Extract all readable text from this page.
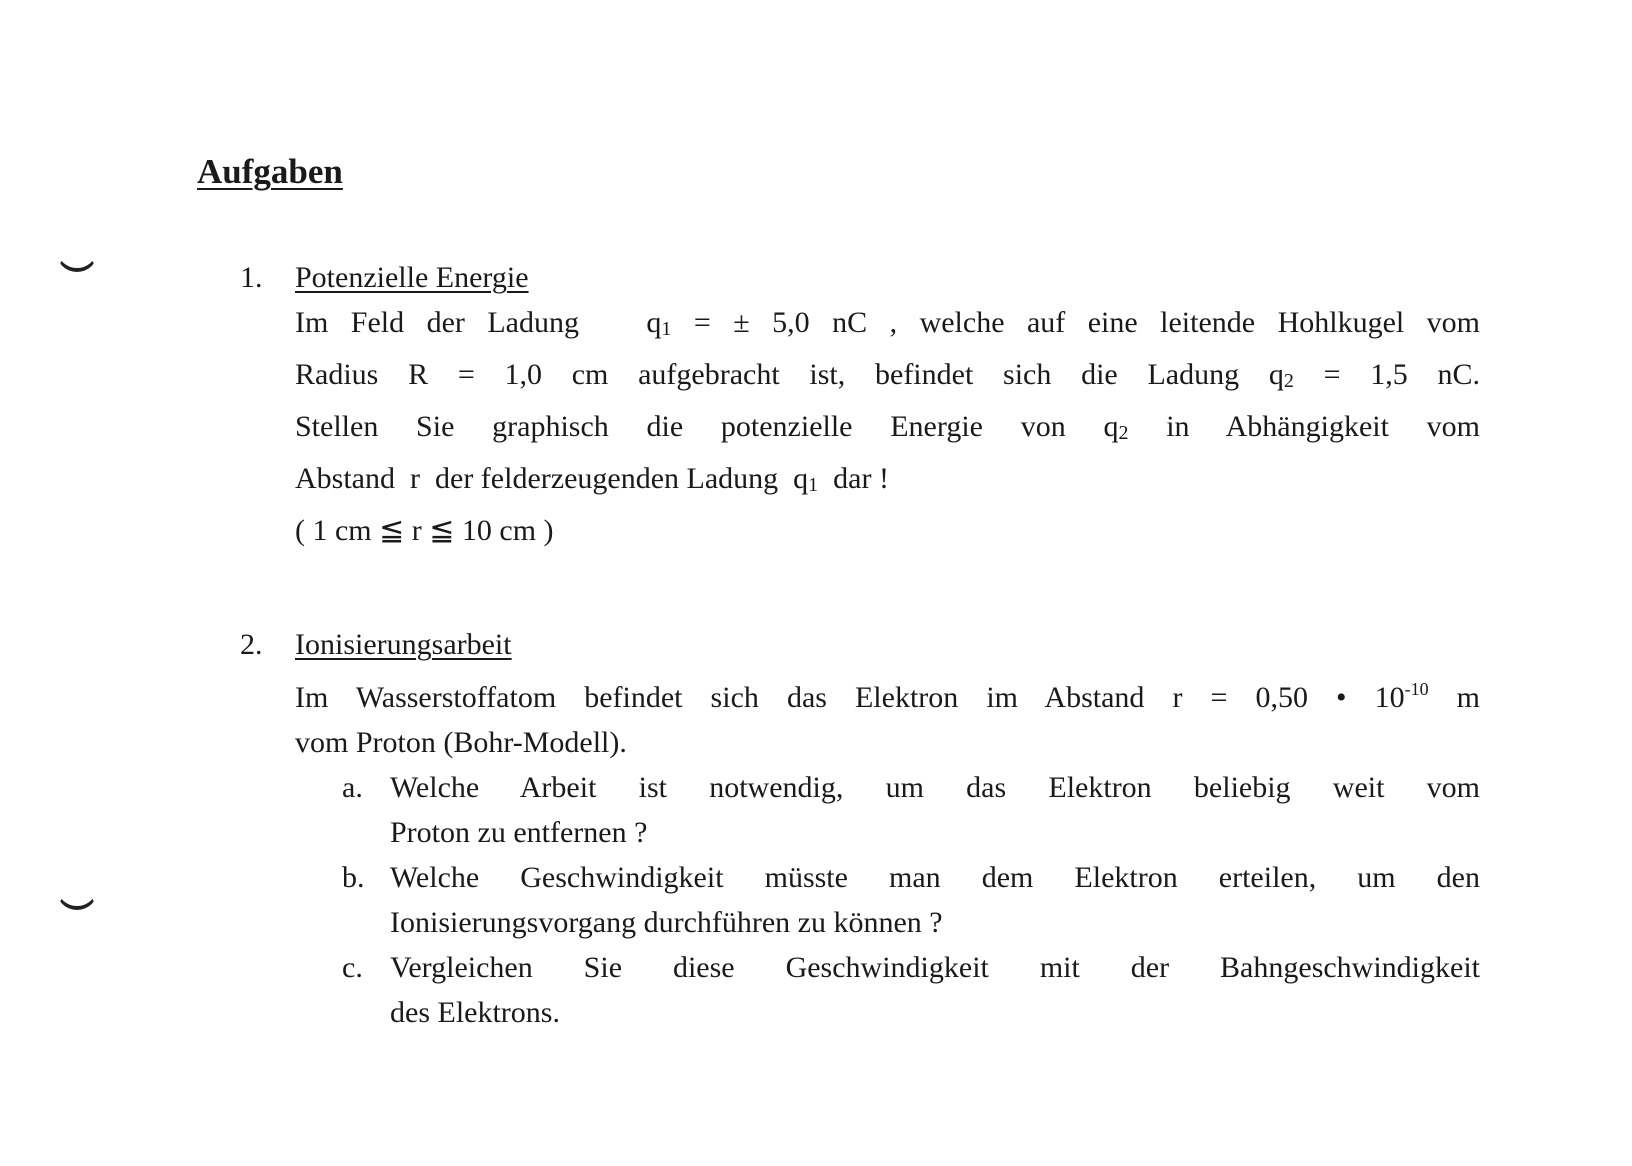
Aufgaben
1.	Potenzielle Energie
Im Feld der Ladung q1 = ± 5,0 nC , welche auf eine leitende Hohlkugel vom
Radius R = 1,0 cm aufgebracht ist, befindet sich die Ladung q2 = 1,5 nC.
Stellen Sie graphisch die potenzielle Energie von q2 in Abhängigkeit vom
Abstand r der felderzeugenden Ladung q1 dar !
( 1 cm ≦ r ≦ 10 cm )
2.	Ionisierungsarbeit
Im Wasserstoffatom befindet sich das Elektron im Abstand r = 0,50 • $10^{-10}$ m
vom Proton (Bohr-Modell).
a. Welche Arbeit ist notwendig, um das Elektron beliebig weit vom
Proton zu entfernen ?
b. Welche Geschwindigkeit müsste man dem Elektron erteilen, um den
Ionisierungsvorgang durchführen zu können ?
c. Vergleichen Sie diese Geschwindigkeit mit der Bahngeschwindigkeit
des Elektrons.
